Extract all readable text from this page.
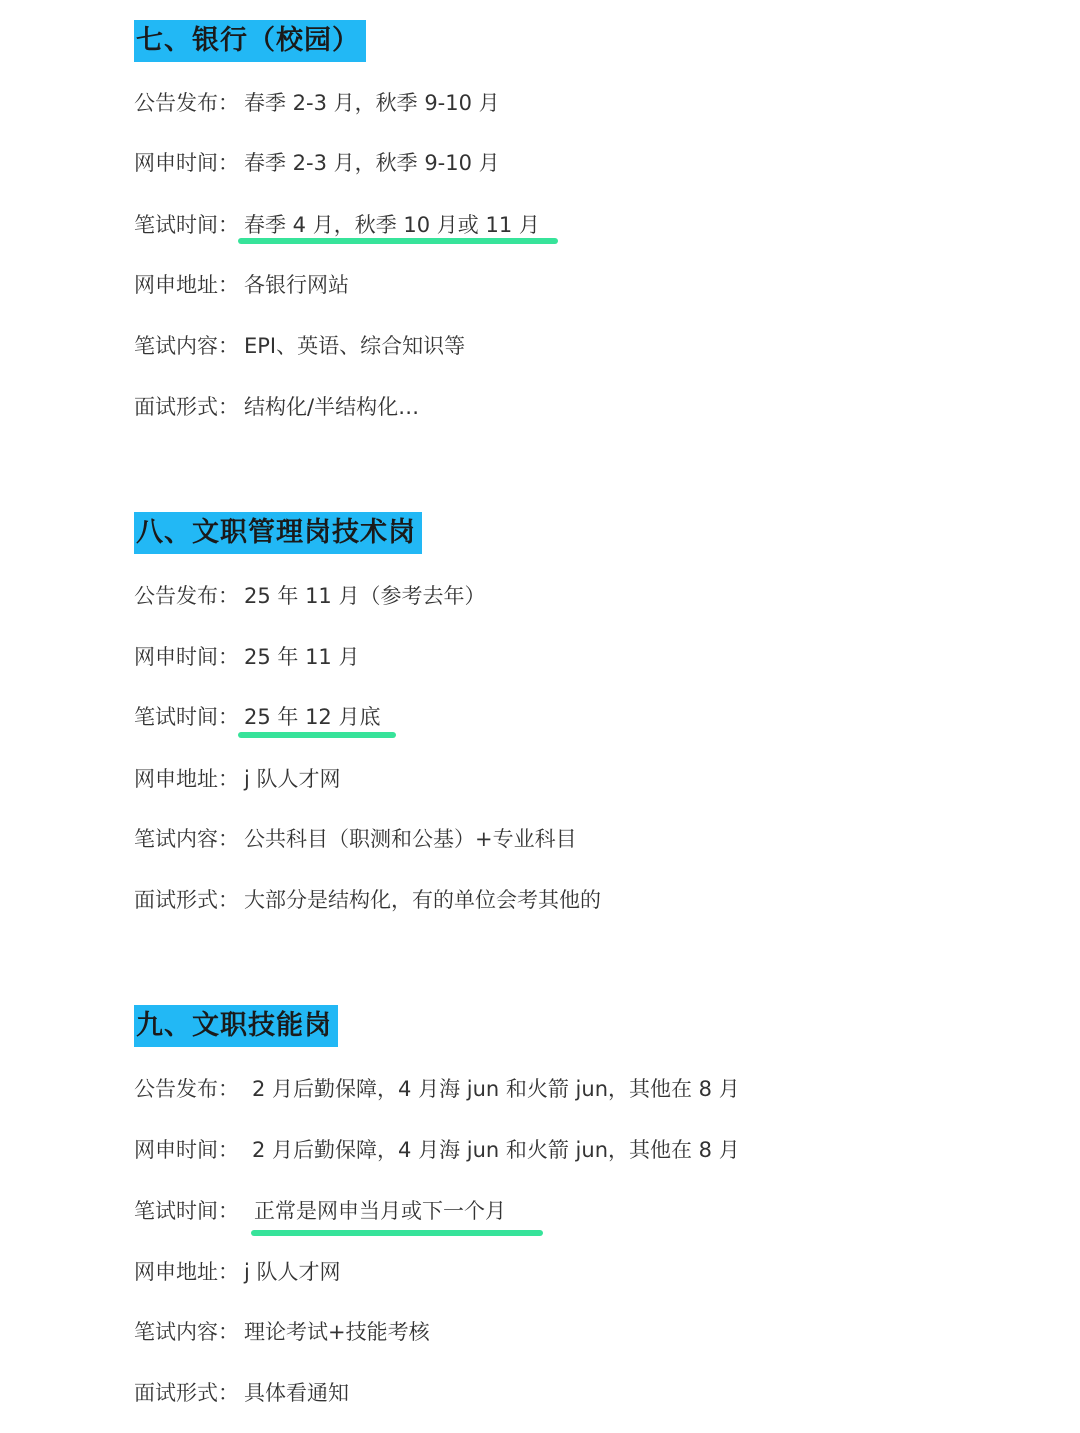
七、银行（校园）
公告发布： 春季 2-3 月，秋季 9-10 月
网申时间： 春季 2-3 月，秋季 9-10 月
笔试时间： 春季 4 月，秋季 10 月或 11 月
网申地址： 各银行网站
笔试内容： EPI、英语、综合知识等
面试形式： 结构化/半结构化…
八、文职管理岗技术岗
公告发布： 25 年 11 月（参考去年）
网申时间： 25 年 11 月
笔试时间： 25 年 12 月底
网申地址： j 队人才网
笔试内容： 公共科目（职测和公基）+专业科目
面试形式： 大部分是结构化，有的单位会考其他的
九、文职技能岗
公告发布： 2 月后勤保障，4 月海 jun 和火箭 jun，其他在 8 月
网申时间： 2 月后勤保障，4 月海 jun 和火箭 jun，其他在 8 月
笔试时间： 正常是网申当月或下一个月
网申地址： j 队人才网
笔试内容： 理论考试+技能考核
面试形式： 具体看通知
